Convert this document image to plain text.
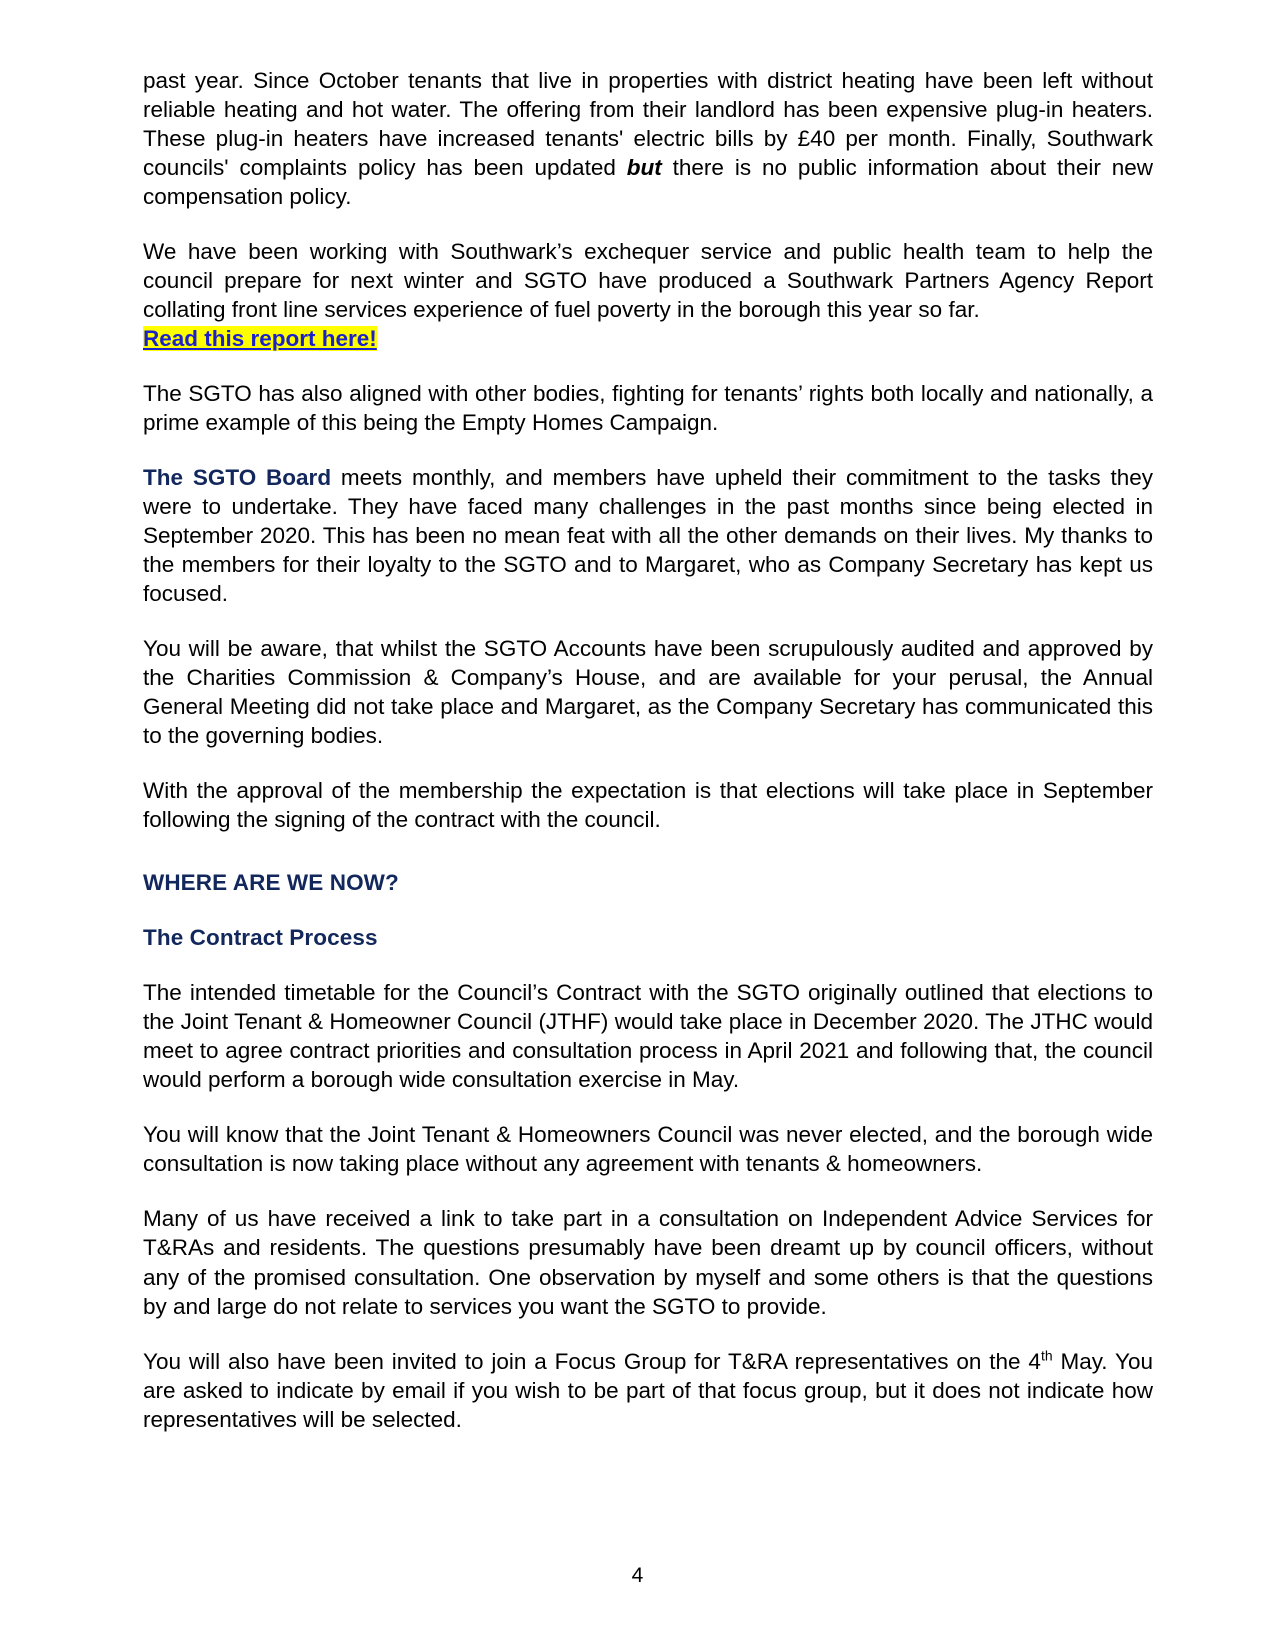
past year. Since October tenants that live in properties with district heating have been left without reliable heating and hot water. The offering from their landlord has been expensive plug-in heaters. These plug-in heaters have increased tenants' electric bills by £40 per month. Finally, Southwark councils' complaints policy has been updated but there is no public information about their new compensation policy.

We have been working with Southwark’s exchequer service and public health team to help the council prepare for next winter and SGTO have produced a Southwark Partners Agency Report collating front line services experience of fuel poverty in the borough this year so far.

Read this report here!

The SGTO has also aligned with other bodies, fighting for tenants’ rights both locally and nationally, a prime example of this being the Empty Homes Campaign.

The SGTO Board meets monthly, and members have upheld their commitment to the tasks they were to undertake. They have faced many challenges in the past months since being elected in September 2020. This has been no mean feat with all the other demands on their lives. My thanks to the members for their loyalty to the SGTO and to Margaret, who as Company Secretary has kept us focused.

You will be aware, that whilst the SGTO Accounts have been scrupulously audited and approved by the Charities Commission & Company’s House, and are available for your perusal, the Annual General Meeting did not take place and Margaret, as the Company Secretary has communicated this to the governing bodies.

With the approval of the membership the expectation is that elections will take place in September following the signing of the contract with the council.

WHERE ARE WE NOW?

The Contract Process

The intended timetable for the Council’s Contract with the SGTO originally outlined that elections to the Joint Tenant & Homeowner Council (JTHF) would take place in December 2020. The JTHC would meet to agree contract priorities and consultation process in April 2021 and following that, the council would perform a borough wide consultation exercise in May.

You will know that the Joint Tenant & Homeowners Council was never elected, and the borough wide consultation is now taking place without any agreement with tenants & homeowners.

Many of us have received a link to take part in a consultation on Independent Advice Services for T&RAs and residents. The questions presumably have been dreamt up by council officers, without any of the promised consultation. One observation by myself and some others is that the questions by and large do not relate to services you want the SGTO to provide.

You will also have been invited to join a Focus Group for T&RA representatives on the 4th May. You are asked to indicate by email if you wish to be part of that focus group, but it does not indicate how representatives will be selected.

4
